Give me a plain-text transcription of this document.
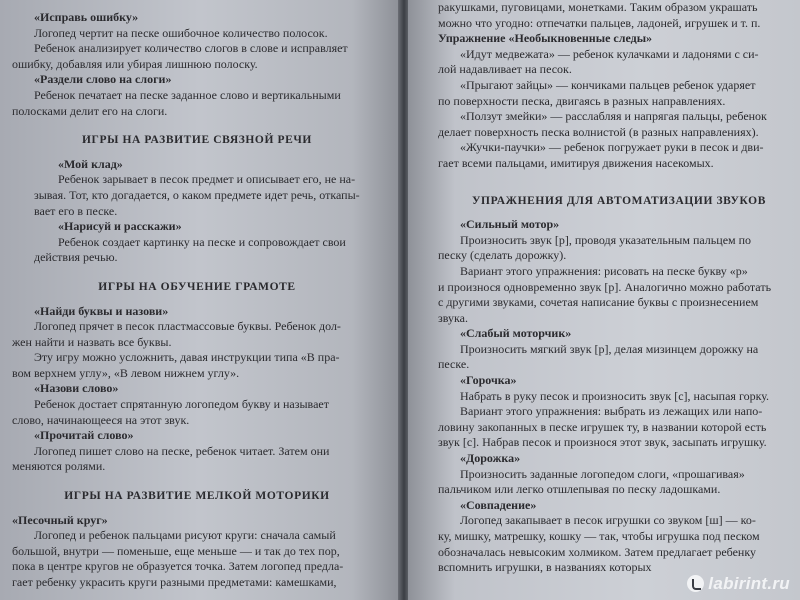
«Исправь ошибку»
Логопед чертит на песке ошибочное количество полосок.
Ребенок анализирует количество слогов в слове и исправляет
ошибку, добавляя или убирая лишнюю полоску.
«Раздели слово на слоги»
Ребенок печатает на песке заданное слово и вертикальными
полосками делит его на слоги.
ИГРЫ НА РАЗВИТИЕ СВЯЗНОЙ РЕЧИ
«Мой клад»
Ребенок зарывает в песок предмет и описывает его, не на-
зывая. Тот, кто догадается, о каком предмете идет речь, откапы-
вает его в песке.
«Нарисуй и расскажи»
Ребенок создает картинку на песке и сопровождает свои
действия речью.
ИГРЫ НА ОБУЧЕНИЕ ГРАМОТЕ
«Найди буквы и назови»
Логопед прячет в песок пластмассовые буквы. Ребенок дол-
жен найти и назвать все буквы.
Эту игру можно усложнить, давая инструкции типа «В пра-
вом верхнем углу», «В левом нижнем углу».
«Назови слово»
Ребенок достает спрятанную логопедом букву и называет
слово, начинающееся на этот звук.
«Прочитай слово»
Логопед пишет слово на песке, ребенок читает. Затем они
меняются ролями.
ИГРЫ НА РАЗВИТИЕ МЕЛКОЙ МОТОРИКИ
«Песочный круг»
Логопед и ребенок пальцами рисуют круги: сначала самый
большой, внутри — поменьше, еще меньше — и так до тех пор,
пока в центре кругов не образуется точка. Затем логопед предла-
гает ребенку украсить круги разными предметами: камешками,
ракушками, пуговицами, монетками. Таким образом украшать
можно что угодно: отпечатки пальцев, ладоней, игрушек и т. п.
Упражнение «Необыкновенные следы»
«Идут медвежата» — ребенок кулачками и ладонями с си-
лой надавливает на песок.
«Прыгают зайцы» — кончиками пальцев ребенок ударяет
по поверхности песка, двигаясь в разных направлениях.
«Ползут змейки» — расслабляя и напрягая пальцы, ребенок
делает поверхность песка волнистой (в разных направлениях).
«Жучки-паучки» — ребенок погружает руки в песок и дви-
гает всеми пальцами, имитируя движения насекомых.
УПРАЖНЕНИЯ ДЛЯ АВТОМАТИЗАЦИИ ЗВУКОВ
«Сильный мотор»
Произносить звук [р], проводя указательным пальцем по
песку (сделать дорожку).
Вариант этого упражнения: рисовать на песке букву «р»
и произнося одновременно звук [р]. Аналогично можно работать
с другими звуками, сочетая написание буквы с произнесением
звука.
«Слабый моторчик»
Произносить мягкий звук [р], делая мизинцем дорожку на
песке.
«Горочка»
Набрать в руку песок и произносить звук [с], насыпая горку.
Вариант этого упражнения: выбрать из лежащих или напо-
ловину закопанных в песке игрушек ту, в названии которой есть
звук [с]. Набрав песок и произнося этот звук, засыпать игрушку.
«Дорожка»
Произносить заданные логопедом слоги, «прошагивая»
пальчиком или легко отшлепывая по песку ладошками.
«Совпадение»
Логопед закапывает в песок игрушки со звуком [ш] — ко-
ку, мишку, матрешку, кошку — так, чтобы игрушка под песком
обозначалась невысоким холмиком. Затем предлагает ребенку
вспомнить игрушки, в названиях которых
labirint.ru
